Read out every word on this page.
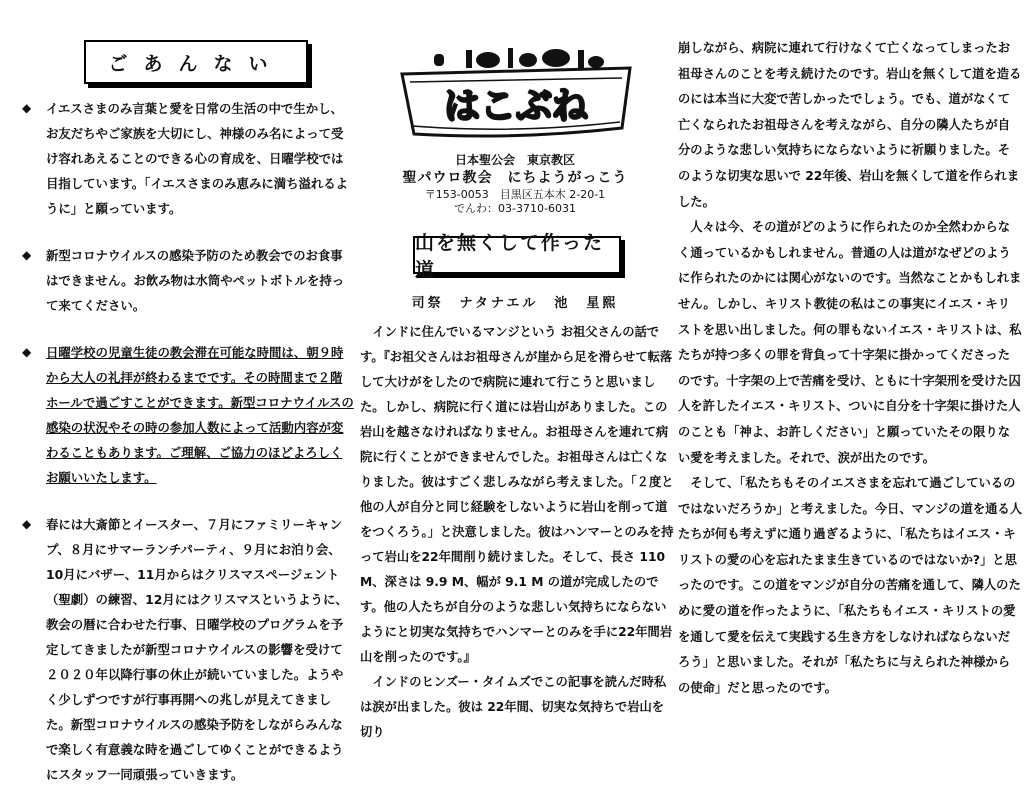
ごあんない
◆ イエスさまのみ言葉と愛を日常の生活の中で生かし、お友だちやご家族を大切にし、神様のみ名によって受け容れあえることのできる心の育成を、日曜学校では目指しています。「イエスさまのみ恵みに満ち溢れるように」と願っています。
◆ 新型コロナウイルスの感染予防のため教会でのお食事はできません。お飲み物は水筒やペットボトルを持って来てください。
◆ 日曜学校の児童生徒の教会滞在可能な時間は、朝９時から大人の礼拝が終わるまでです。その時間まで２階ホールで過ごすことができます。新型コロナウイルスの感染の状況やその時の参加人数によって活動内容が変わることもあります。ご理解、ご協力のほどよろしくお願いいたします。
◆ 春には大斎節とイースター、７月にファミリーキャンプ、８月にサマーランチパーティ、９月にお泊り会、10月にバザー、11月からはクリスマスページェント（聖劇）の練習、12月にはクリスマスというように、教会の暦に合わせた行事、日曜学校のプログラムを予定してきましたが新型コロナウイルスの影響を受けて２０２０年以降行事の休止が続いていました。ようやく少しずつですが行事再開への兆しが見えてきました。新型コロナウイルスの感染予防をしながらみんなで楽しく有意義な時を過ごしてゆくことができるようにスタッフ一同頑張っていきます。
はこぶね
日本聖公会　東京教区
聖パウロ教会　にちようがっこう
〒153-0053　目黒区五本木 2-20-1
でんわ：03-3710-6031
山を無くして作った道
司祭　ナタナエル　池　星熙

インドに住んでいるマンジという お祖父さんの話です。『お祖父さんはお祖母さんが崖から足を滑らせて転落して大けがをしたので病院に連れて行こうと思いました。しかし、病院に行く道には岩山がありました。この岩山を越さなければなりません。お祖母さんを連れて病院に行くことができませんでした。お祖母さんは亡くなりました。彼はすごく悲しみながら考えました。「２度と他の人が自分と同じ経験をしないように岩山を削って道をつくろう。」と決意しました。彼はハンマーとのみを持って岩山を22年間削り続けました。そして、長さ 110 M、深さは 9.9 M、幅が 9.1 M の道が完成したのです。他の人たちが自分のような悲しい気持ちにならないようにと切実な気持ちでハンマーとのみを手に22年間岩山を削ったのです。』

インドのヒンズー・タイムズでこの記事を読んだ時私は涙が出ました。彼は 22年間、切実な気持ちで岩山を切り

崩しながら、病院に連れて行けなくて亡くなってしまったお祖母さんのことを考え続けたのです。岩山を無くして道を造るのには本当に大変で苦しかったでしょう。でも、道がなくて亡くなられたお祖母さんを考えながら、自分の隣人たちが自分のような悲しい気持ちにならないように祈願りました。そのような切実な思いで 22年後、岩山を無くして道を作られました。

人々は今、その道がどのように作られたのか全然わからなく通っているかもしれません。普通の人は道がなぜどのように作られたのかには関心がないのです。当然なことかもしれません。しかし、キリスト教徒の私はこの事実にイエス・キリストを思い出しました。何の罪もないイエス・キリストは、私たちが持つ多くの罪を背負って十字架に掛かってくださったのです。十字架の上で苦痛を受け、ともに十字架刑を受けた囚人を許したイエス・キリスト、ついに自分を十字架に掛けた人のことも「神よ、お許しください」と願っていたその限りない愛を考えました。それで、涙が出たのです。

そして、「私たちもそのイエスさまを忘れて過ごしているのではないだろうか」と考えました。今日、マンジの道を通る人たちが何も考えずに通り過ぎるように、「私たちはイエス・キリストの愛の心を忘れたまま生きているのではないか?」と思ったのです。この道をマンジが自分の苦痛を通して、隣人のために愛の道を作ったように、「私たちもイエス・キリストの愛を通して愛を伝えて実践する生き方をしなければならないだろう」と思いました。それが「私たちに与えられた神様からの使命」だと思ったのです。
